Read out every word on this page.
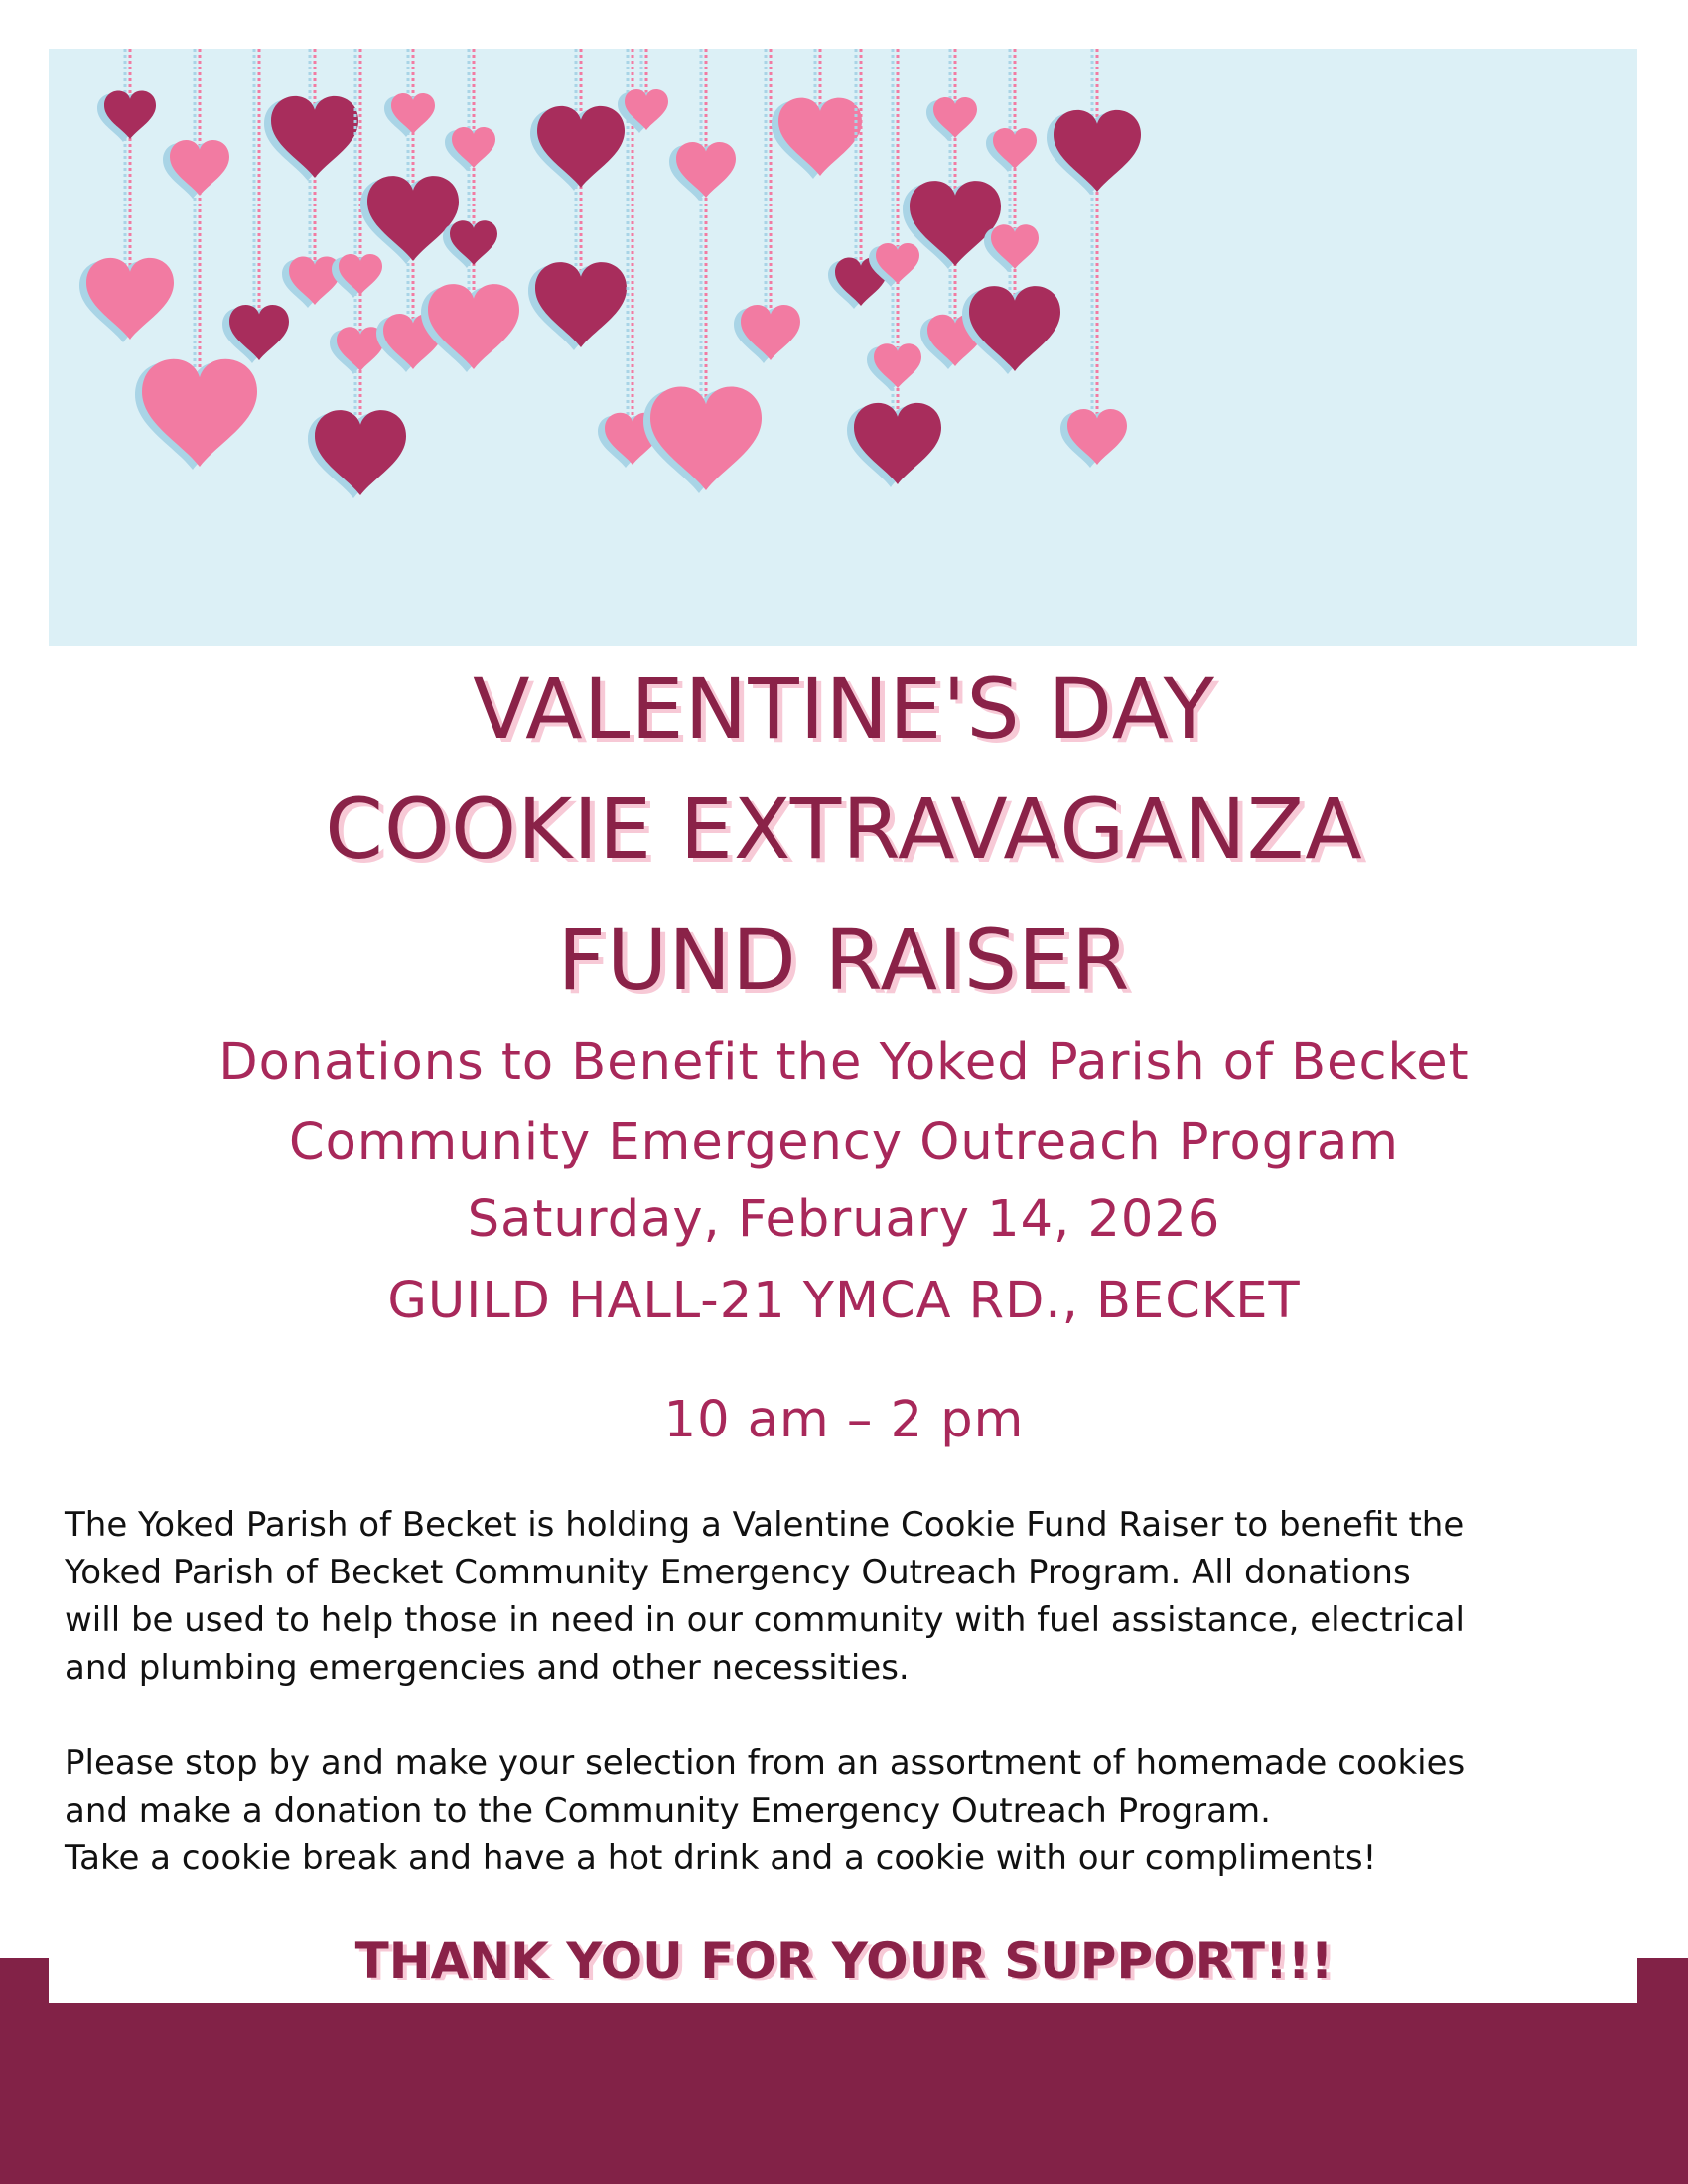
VALENTINE'S DAY
COOKIE EXTRAVAGANZA
FUND RAISER
Donations to Benefit the Yoked Parish of Becket
Community Emergency Outreach Program
Saturday, February 14, 2026
GUILD HALL-21 YMCA RD., BECKET
10 am – 2 pm
The Yoked Parish of Becket is holding a Valentine Cookie Fund Raiser to benefit the
Yoked Parish of Becket Community Emergency Outreach Program. All donations
will be used to help those in need in our community with fuel assistance, electrical
and plumbing emergencies and other necessities.
Please stop by and make your selection from an assortment of homemade cookies
and make a donation to the Community Emergency Outreach Program.
Take a cookie break and have a hot drink and a cookie with our compliments!
THANK YOU FOR YOUR SUPPORT!!!
